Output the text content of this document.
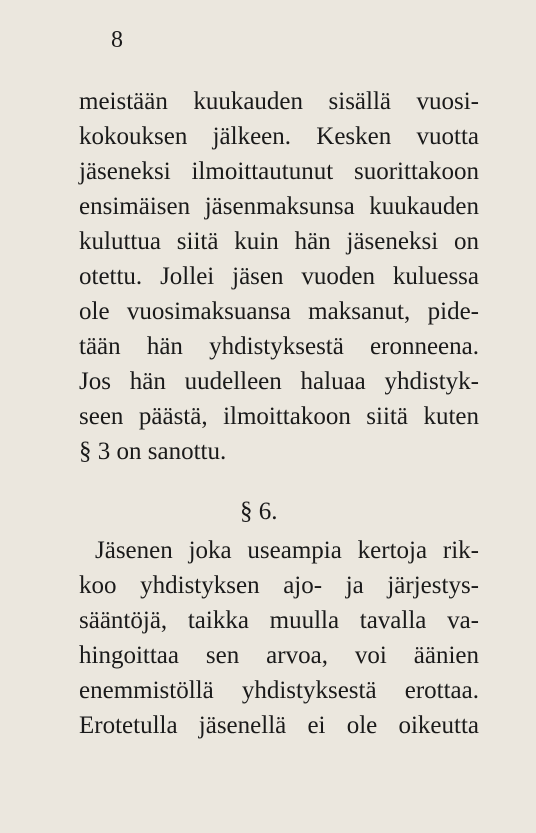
8
meistään kuukauden sisällä vuosi-
kokouksen jälkeen. Kesken vuotta
jäseneksi ilmoittautunut suorittakoon
ensimäisen jäsenmaksunsa kuukauden
kuluttua siitä kuin hän jäseneksi on
otettu. Jollei jäsen vuoden kuluessa
ole vuosimaksuansa maksanut, pide-
tään hän yhdistyksestä eronneena.
Jos hän uudelleen haluaa yhdistyk-
seen päästä, ilmoittakoon siitä kuten
§ 3 on sanottu.
§ 6.
Jäsenen joka useampia kertoja rik-
koo yhdistyksen ajo- ja järjestys-
sääntöjä, taikka muulla tavalla va-
hingoittaa sen arvoa, voi äänien
enemmistöllä yhdistyksestä erottaa.
Erotetulla jäsenellä ei ole oikeutta
